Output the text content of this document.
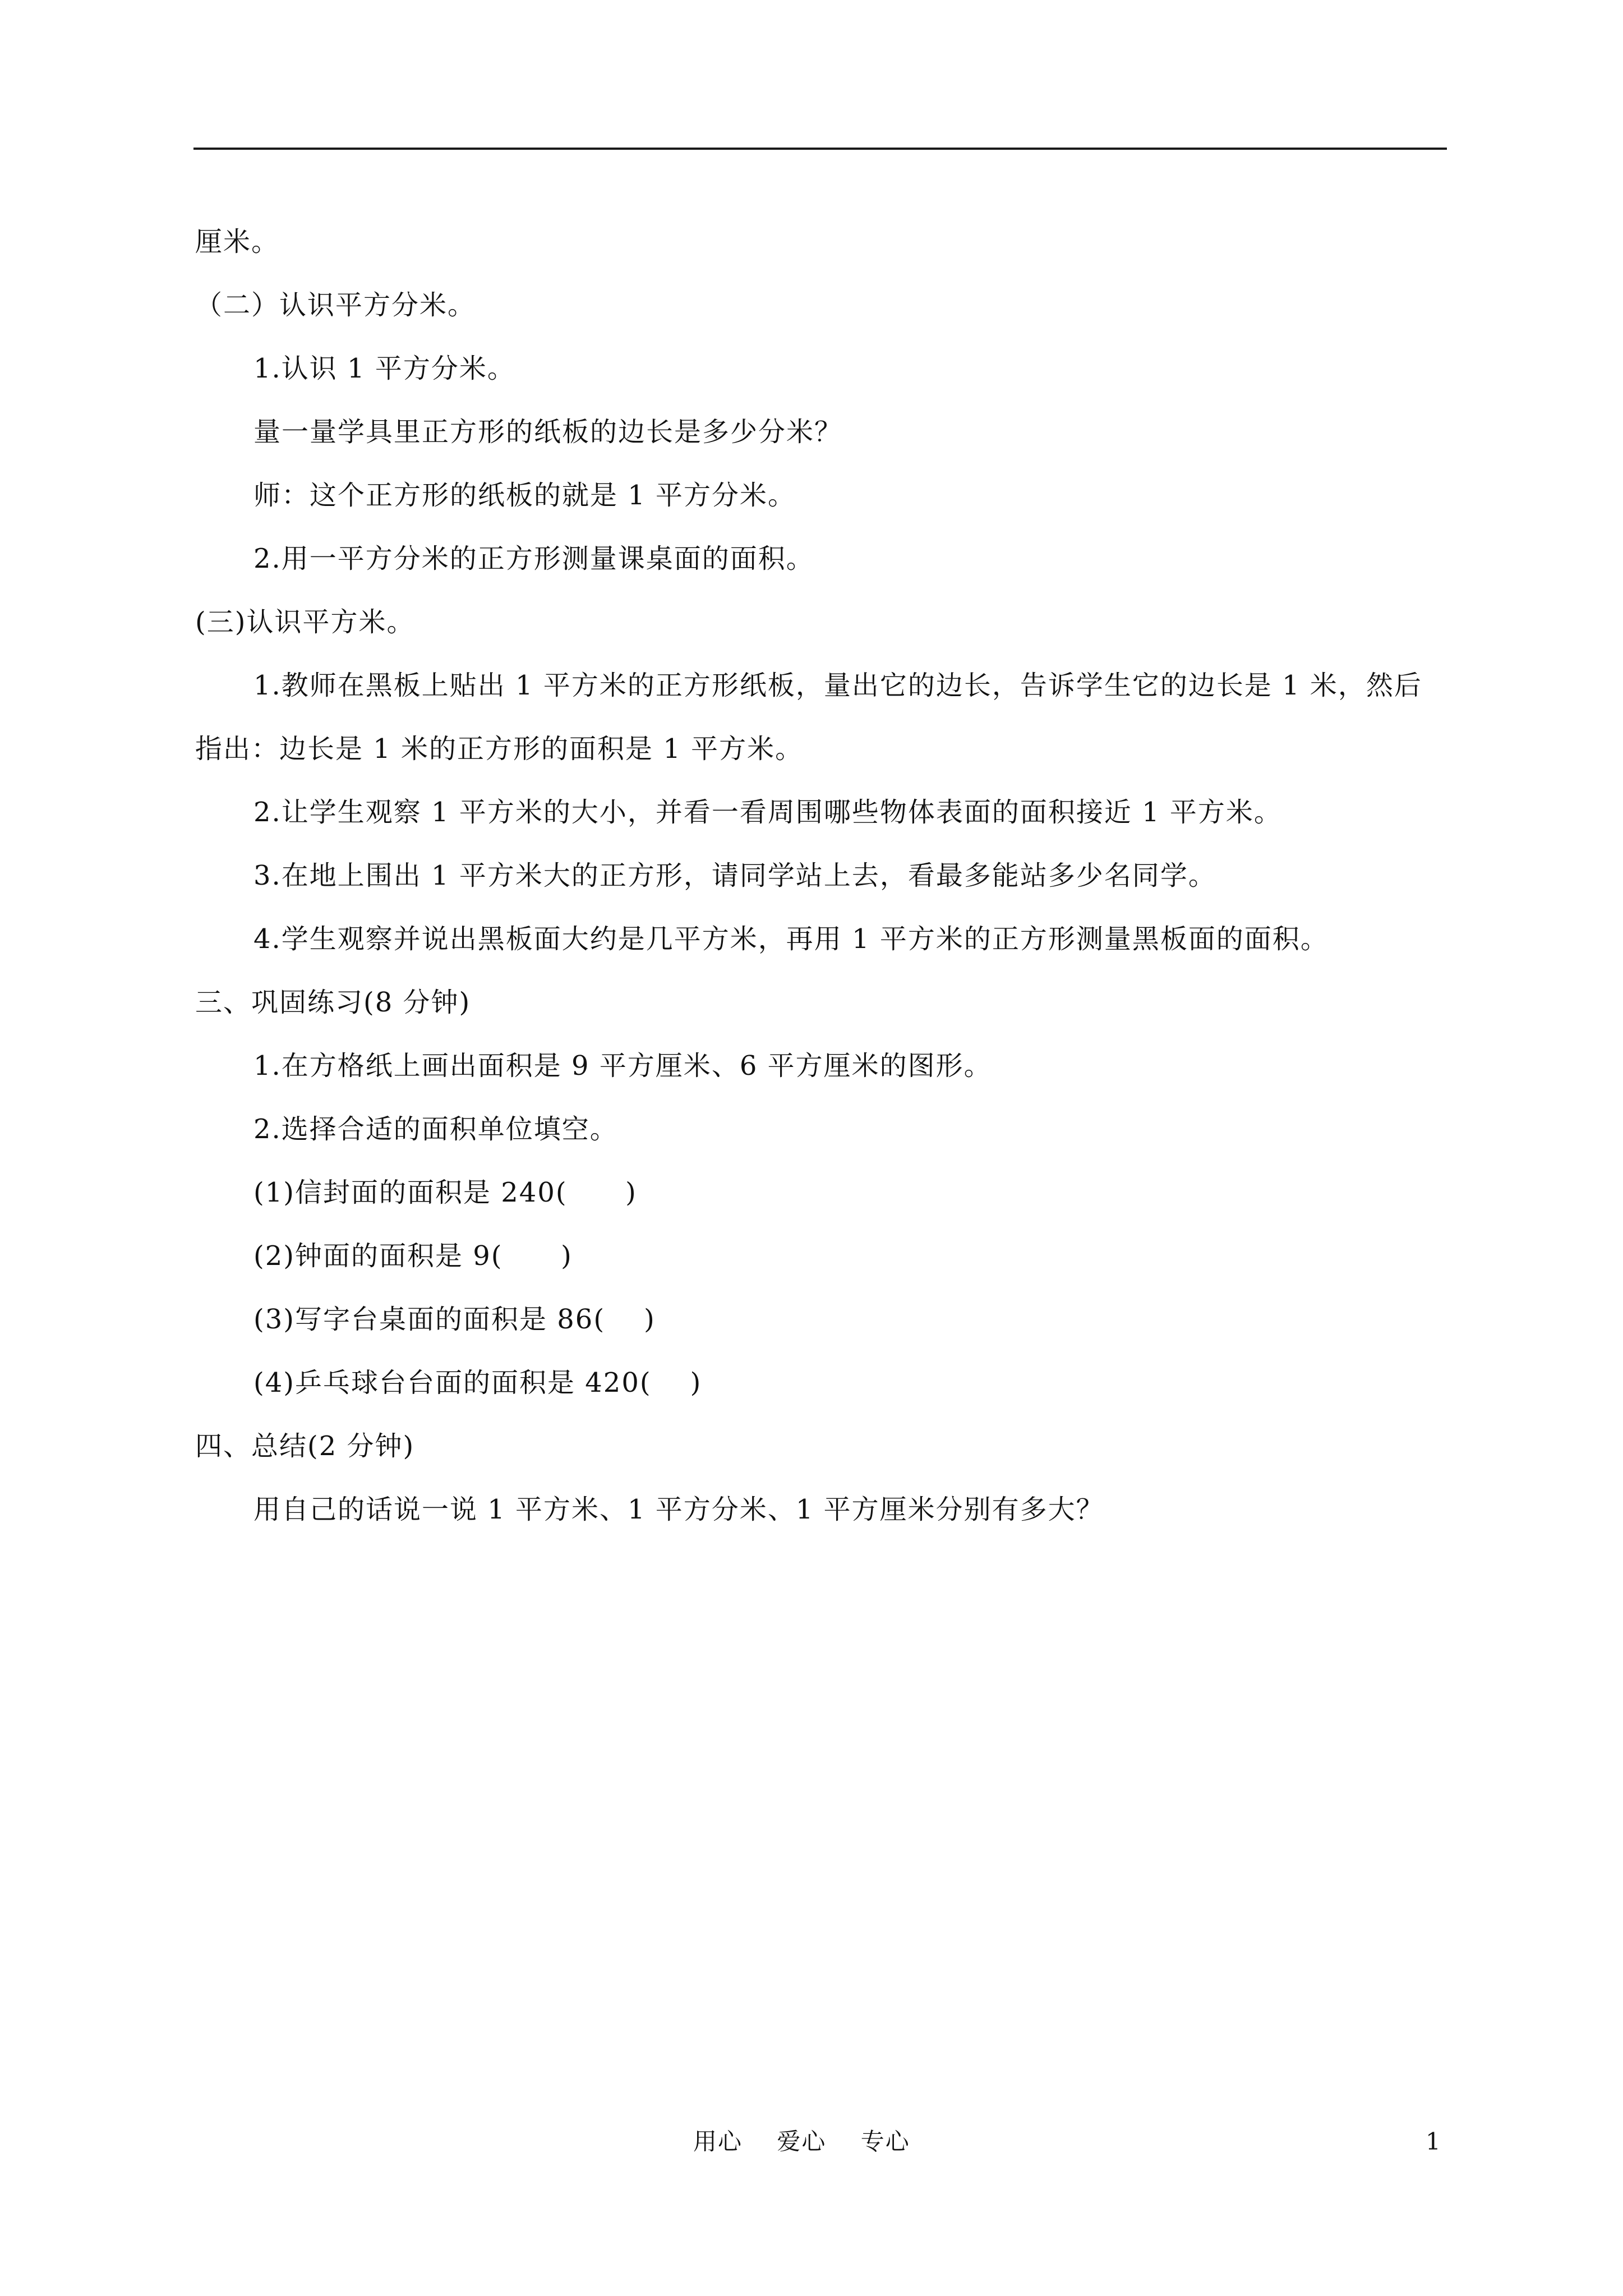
厘米。
（二）认识平方分米。
1.认识 1 平方分米。
量一量学具里正方形的纸板的边长是多少分米？
师：这个正方形的纸板的就是 1 平方分米。
2.用一平方分米的正方形测量课桌面的面积。
(三)认识平方米。
1.教师在黑板上贴出 1 平方米的正方形纸板，量出它的边长，告诉学生它的边长是 1 米，然后
指出：边长是 1 米的正方形的面积是 1 平方米。
2.让学生观察 1 平方米的大小，并看一看周围哪些物体表面的面积接近 1 平方米。
3.在地上围出 1 平方米大的正方形，请同学站上去，看最多能站多少名同学。
4.学生观察并说出黑板面大约是几平方米，再用 1 平方米的正方形测量黑板面的面积。
三、巩固练习(8 分钟)
1.在方格纸上画出面积是 9 平方厘米、6 平方厘米的图形。
2.选择合适的面积单位填空。
(1)信封面的面积是 240(      )
(2)钟面的面积是 9(      )
(3)写字台桌面的面积是 86(    )
(4)乒乓球台台面的面积是 420(    )
四、总结(2 分钟)
用自己的话说一说 1 平方米、1 平方分米、1 平方厘米分别有多大？
用心    爱心    专心	1
